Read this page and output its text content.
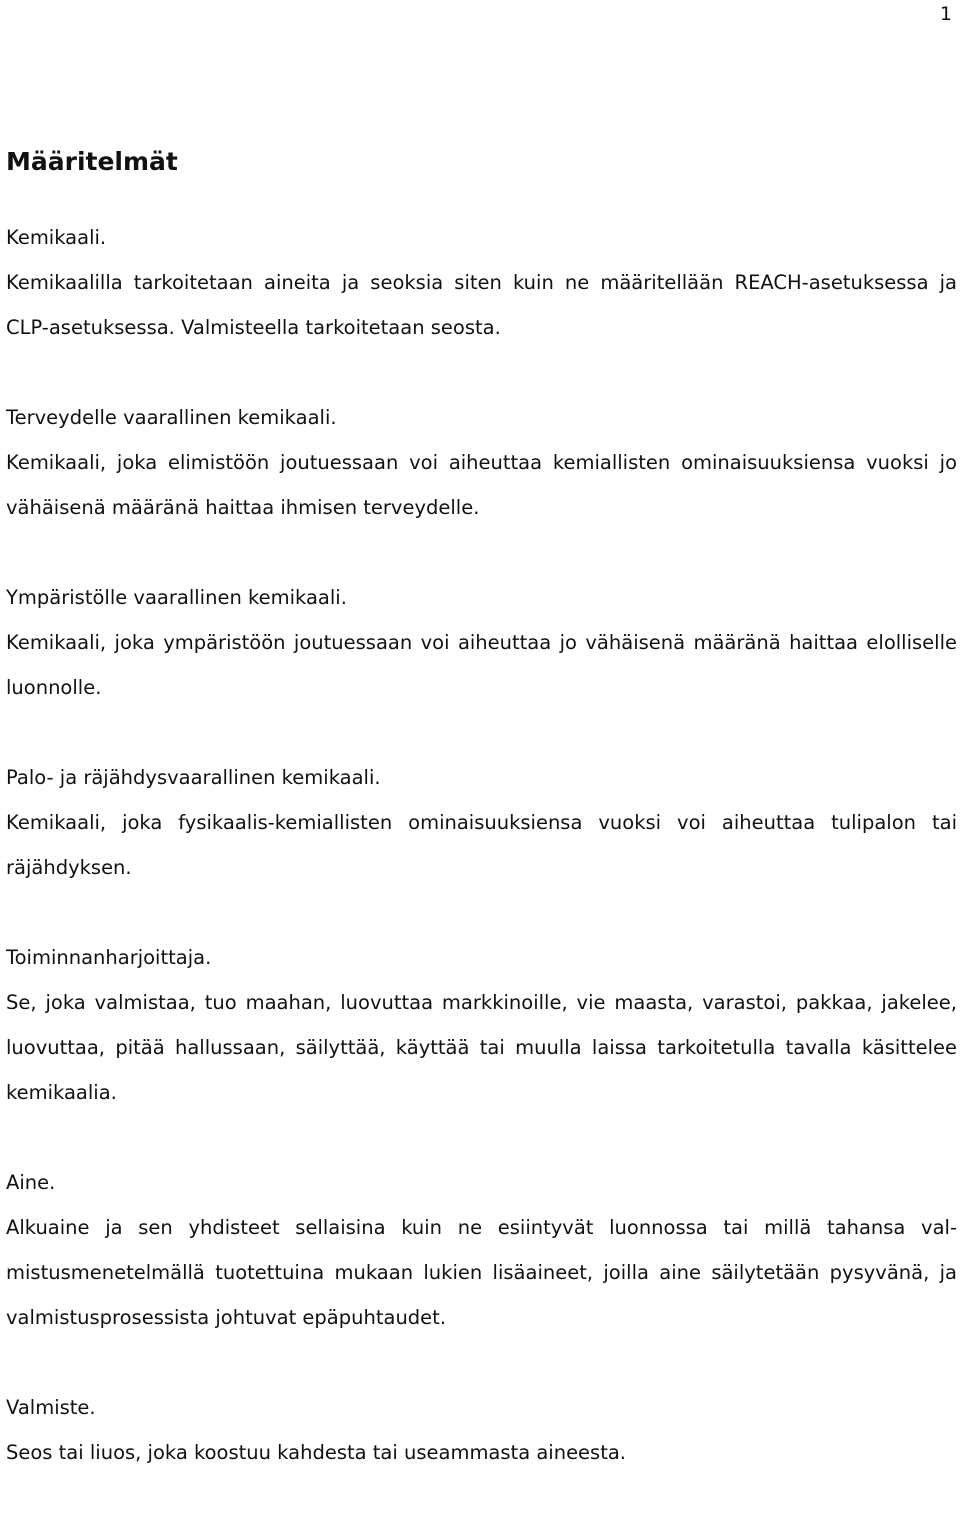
1
Määritelmät

Kemikaali.

Kemikaalilla tarkoitetaan aineita ja seoksia siten kuin ne määritellään REACH-asetuksessa ja CLP-asetuksessa. Valmisteella tarkoitetaan seosta.

Terveydelle vaarallinen kemikaali.

Kemikaali, joka elimistöön joutuessaan voi aiheuttaa kemiallisten ominaisuuksiensa vuoksi jo vähäisenä määränä haittaa ihmisen terveydelle.

Ympäristölle vaarallinen kemikaali.

Kemikaali, joka ympäristöön joutuessaan voi aiheuttaa jo vähäisenä määränä haittaa elolliselle luonnolle.

Palo- ja räjähdysvaarallinen kemikaali.

Kemikaali, joka fysikaalis-kemiallisten ominaisuuksiensa vuoksi voi aiheuttaa tulipalon tai räjähdyksen.

Toiminnanharjoittaja.

Se, joka valmistaa, tuo maahan, luovuttaa markkinoille, vie maasta, varastoi, pakkaa, jakelee, luovuttaa, pitää hallussaan, säilyttää, käyttää tai muulla laissa tarkoitetulla tavalla käsittelee kemikaalia.

Aine.

Alkuaine ja sen yhdisteet sellaisina kuin ne esiintyvät luonnossa tai millä tahansa valmistusmenetelmällä tuotettuina mukaan lukien lisäaineet, joilla aine säilytetään pysyvänä, ja valmistusprosessista johtuvat epäpuhtaudet.

Valmiste.

Seos tai liuos, joka koostuu kahdesta tai useammasta aineesta.
